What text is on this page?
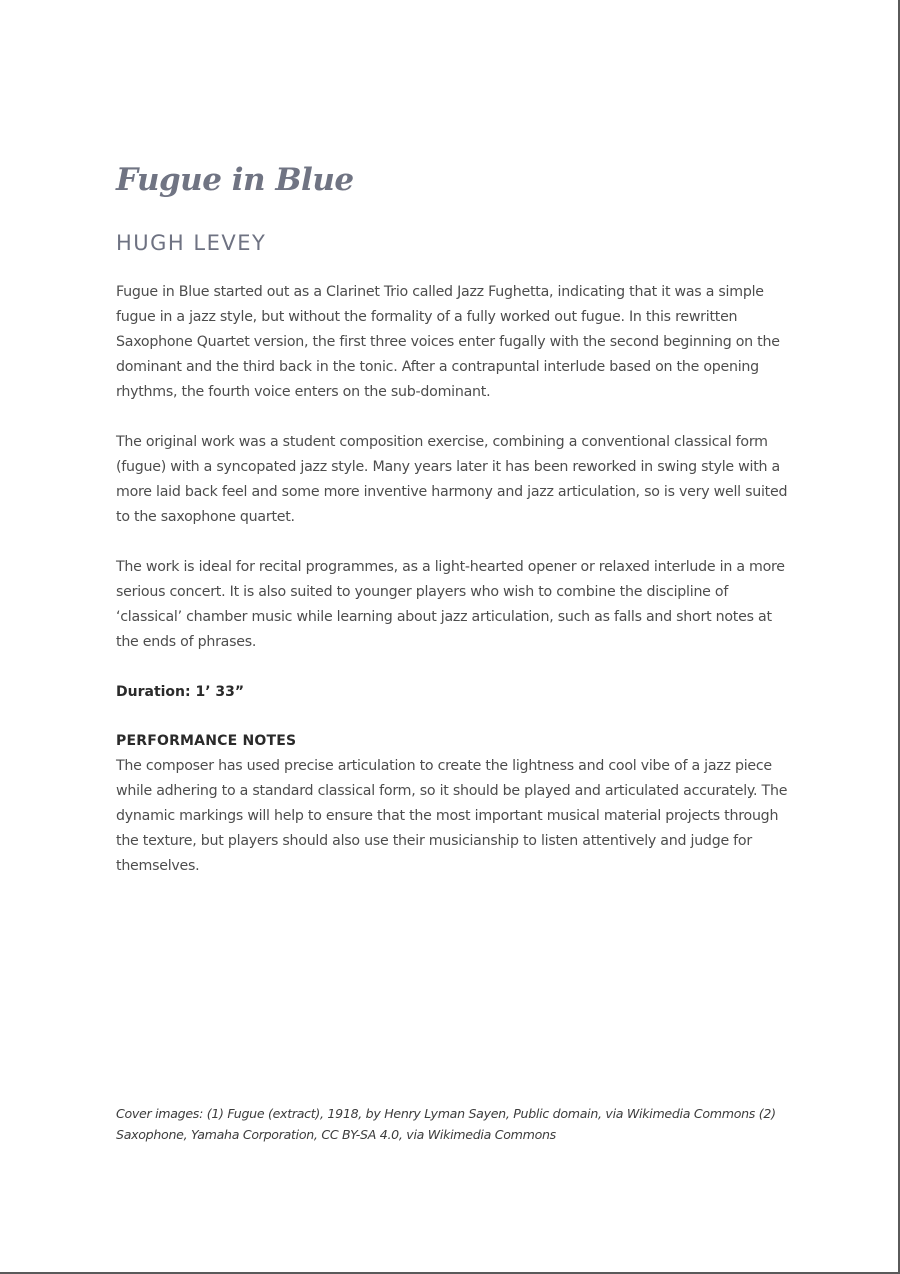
Fugue in Blue
HUGH LEVEY

Fugue in Blue started out as a Clarinet Trio called Jazz Fughetta, indicating that it was a simple fugue in a jazz style, but without the formality of a fully worked out fugue. In this rewritten Saxophone Quartet version, the first three voices enter fugally with the second beginning on the dominant and the third back in the tonic. After a contrapuntal interlude based on the opening rhythms, the fourth voice enters on the sub-dominant.

The original work was a student composition exercise, combining a conventional classical form (fugue) with a syncopated jazz style. Many years later it has been reworked in swing style with a more laid back feel and some more inventive harmony and jazz articulation, so is very well suited to the saxophone quartet.

The work is ideal for recital programmes, as a light-hearted opener or relaxed interlude in a more serious concert. It is also suited to younger players who wish to combine the discipline of ‘classical’ chamber music while learning about jazz articulation, such as falls and short notes at the ends of phrases.

Duration: 1’ 33”

PERFORMANCE NOTES

The composer has used precise articulation to create the lightness and cool vibe of a jazz piece while adhering to a standard classical form, so it should be played and articulated accurately. The dynamic markings will help to ensure that the most important musical material projects through the texture, but players should also use their musicianship to listen attentively and judge for themselves.

Cover images: (1) Fugue (extract), 1918, by Henry Lyman Sayen, Public domain, via Wikimedia Commons (2) Saxophone, Yamaha Corporation, CC BY-SA 4.0, via Wikimedia Commons
